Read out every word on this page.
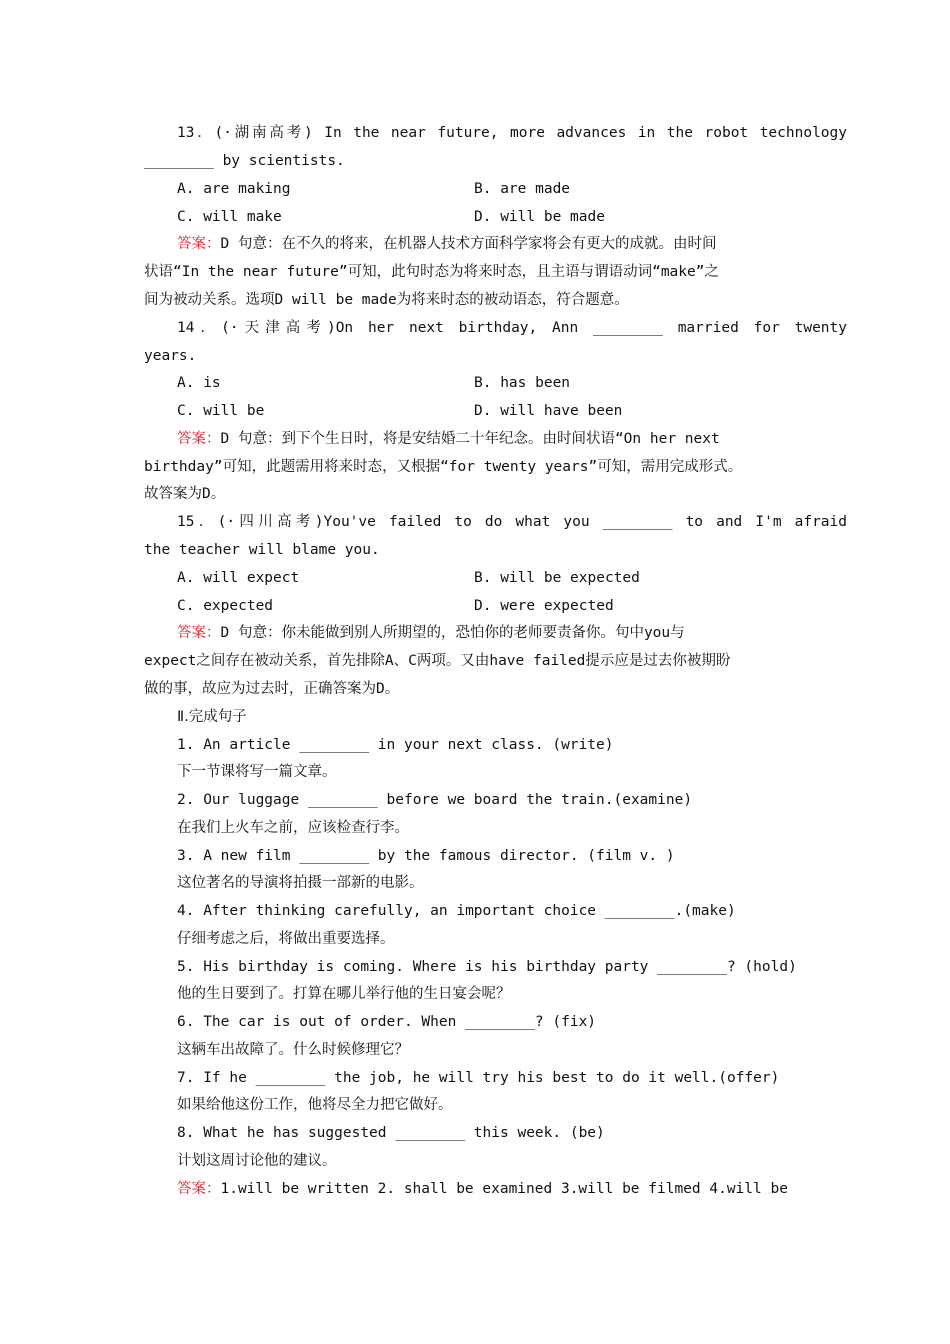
13．(·湖南高考) In the near future, more advances in the robot technology
________ by scientists.
A. are making	B. are made
C. will make	D. will be made
答案：D 句意：在不久的将来，在机器人技术方面科学家将会有更大的成就。由时间
状语“In the near future”可知，此句时态为将来时态，且主语与谓语动词“make”之
间为被动关系。选项D will be made为将来时态的被动语态，符合题意。
14．(·天津高考)On her next birthday, Ann ________ married for twenty
years.
A. is	B. has been
C. will be	D. will have been
答案：D 句意：到下个生日时，将是安结婚二十年纪念。由时间状语“On her next
birthday”可知，此题需用将来时态，又根据“for twenty years”可知，需用完成形式。
故答案为D。
15．(·四川高考)You've failed to do what you ________ to and I'm afraid
the teacher will blame you.
A. will expect	B. will be expected
C. expected	D. were expected
答案：D 句意：你未能做到别人所期望的，恐怕你的老师要责备你。句中you与
expect之间存在被动关系，首先排除A、C两项。又由have failed提示应是过去你被期盼
做的事，故应为过去时，正确答案为D。
Ⅱ.完成句子
1. An article ________ in your next class. (write)
下一节课将写一篇文章。
2. Our luggage ________ before we board the train.(examine)
在我们上火车之前，应该检查行李。
3. A new film ________ by the famous director. (film v. )
这位著名的导演将拍摄一部新的电影。
4. After thinking carefully, an important choice ________.(make)
仔细考虑之后，将做出重要选择。
5. His birthday is coming. Where is his birthday party ________? (hold)
他的生日要到了。打算在哪儿举行他的生日宴会呢？
6. The car is out of order. When ________? (fix)
这辆车出故障了。什么时候修理它？
7. If he ________ the job, he will try his best to do it well.(offer)
如果给他这份工作，他将尽全力把它做好。
8. What he has suggested ________ this week. (be)
计划这周讨论他的建议。
答案：1.will be written 2. shall be examined 3.will be filmed 4.will be
